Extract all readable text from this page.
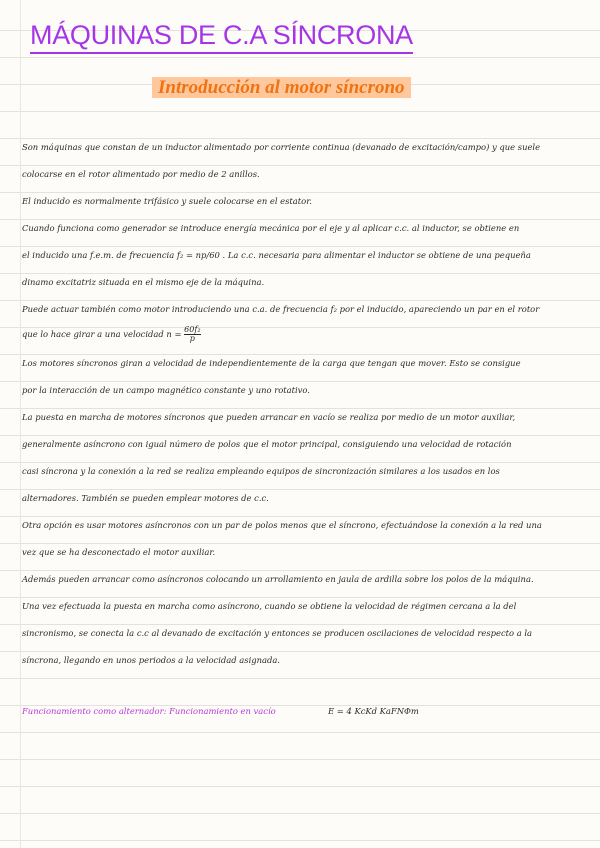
MÁQUINAS DE C.A SÍNCRONA
Introducción al motor síncrono

Son máquinas que constan de un inductor alimentado por corriente continua (devanado de excitación/campo) y que suele

colocarse en el rotor alimentado por medio de 2 anillos.

El inducido es normalmente trifásico y suele colocarse en el estator.

Cuando funciona como generador se introduce energía mecánica por el eje y al aplicar c.c. al inductor, se obtiene en

el inducido una f.e.m. de frecuencia f₂ = np/60 . La c.c. necesaria para alimentar el inductor se obtiene de una pequeña

dinamo excitatriz situada en el mismo eje de la máquina.

Puede actuar también como motor introduciendo una c.a. de frecuencia f₂ por el inducido, apareciendo un par en el rotor

que lo hace girar a una velocidad $n = \frac{\text{60f₂}}{p}$

Los motores síncronos giran a velocidad de independientemente de la carga que tengan que mover. Esto se consigue

por la interacción de un campo magnético constante y uno rotativo.

La puesta en marcha de motores síncronos que pueden arrancar en vacío se realiza por medio de un motor auxiliar,

generalmente asíncrono con igual número de polos que el motor principal, consiguiendo una velocidad de rotación

casi síncrona y la conexión a la red se realiza empleando equipos de sincronización similares a los usados en los

alternadores. También se pueden emplear motores de c.c.

Otra opción es usar motores asíncronos con un par de polos menos que el síncrono, efectuándose la conexión a la red una

vez que se ha desconectado el motor auxiliar.

Además pueden arrancar como asíncronos colocando un arrollamiento en jaula de ardilla sobre los polos de la máquina.

Una vez efectuada la puesta en marcha como asíncrono, cuando se obtiene la velocidad de régimen cercana a la del

sincronismo, se conecta la c.c al devanado de excitación y entonces se producen oscilaciones de velocidad respecto a la

síncrona, llegando en unos periodos a la velocidad asignada.

Funcionamiento como alternador: Funcionamiento en vacío	E = 4 KcKd KaFNΦm
